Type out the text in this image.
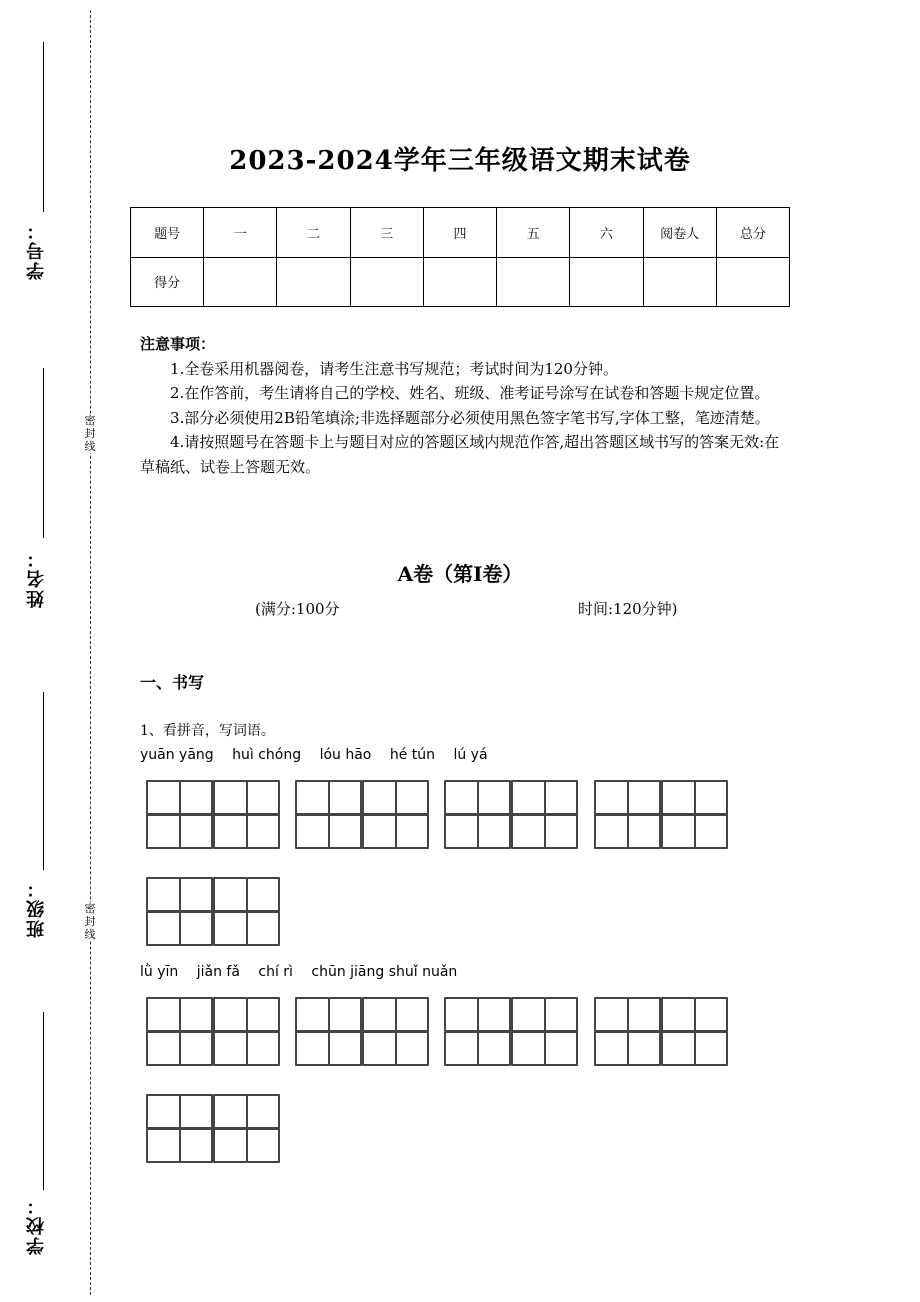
学号：
姓名：
班级：
学校：
密封线
密封线
2023-2024学年三年级语文期末试卷
题号	一	二	三	四	五	六	阅卷人	总分
得分								
注意事项：

1.全卷采用机器阅卷，请考生注意书写规范；考试时间为120分钟。

2.在作答前，考生请将自己的学校、姓名、班级、准考证号涂写在试卷和答题卡规定位置。

3.部分必须使用2B铅笔填涂;非选择题部分必须使用黑色签字笔书写,字体工整，笔迹清楚。

4.请按照题号在答题卡上与题目对应的答题区域内规范作答,超出答题区域书写的答案无效:在草稿纸、试卷上答题无效。

A卷（第I卷）
(满分:100分	时间:120分钟)
一、书写
1、看拼音，写词语。
yuān yāng huì chóng lóu hāo hé tún lú yá
lǜ yīn jiǎn fǎ chí rì chūn jiāng shuǐ nuǎn
